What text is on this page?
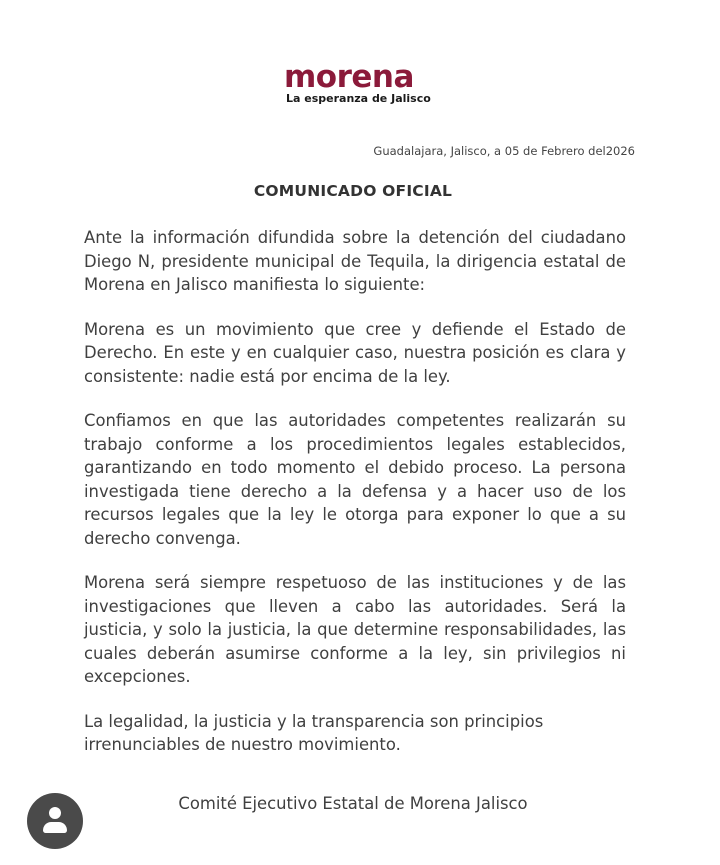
morena
La esperanza de Jalisco
Guadalajara, Jalisco, a 05 de Febrero del2026
COMUNICADO OFICIAL

Ante la información difundida sobre la detención del ciudadano Diego N, presidente municipal de Tequila, la dirigencia estatal de Morena en Jalisco manifiesta lo siguiente:

Morena es un movimiento que cree y defiende el Estado de Derecho. En este y en cualquier caso, nuestra posición es clara y consistente: nadie está por encima de la ley.

Confiamos en que las autoridades competentes realizarán su trabajo conforme a los procedimientos legales establecidos, garantizando en todo momento el debido proceso. La persona investigada tiene derecho a la defensa y a hacer uso de los recursos legales que la ley le otorga para exponer lo que a su derecho convenga.

Morena será siempre respetuoso de las instituciones y de las investigaciones que lleven a cabo las autoridades. Será la justicia, y solo la justicia, la que determine responsabilidades, las cuales deberán asumirse conforme a la ley, sin privilegios ni excepciones.

La legalidad, la justicia y la transparencia son principios irrenunciables de nuestro movimiento.

Comité Ejecutivo Estatal de Morena Jalisco
